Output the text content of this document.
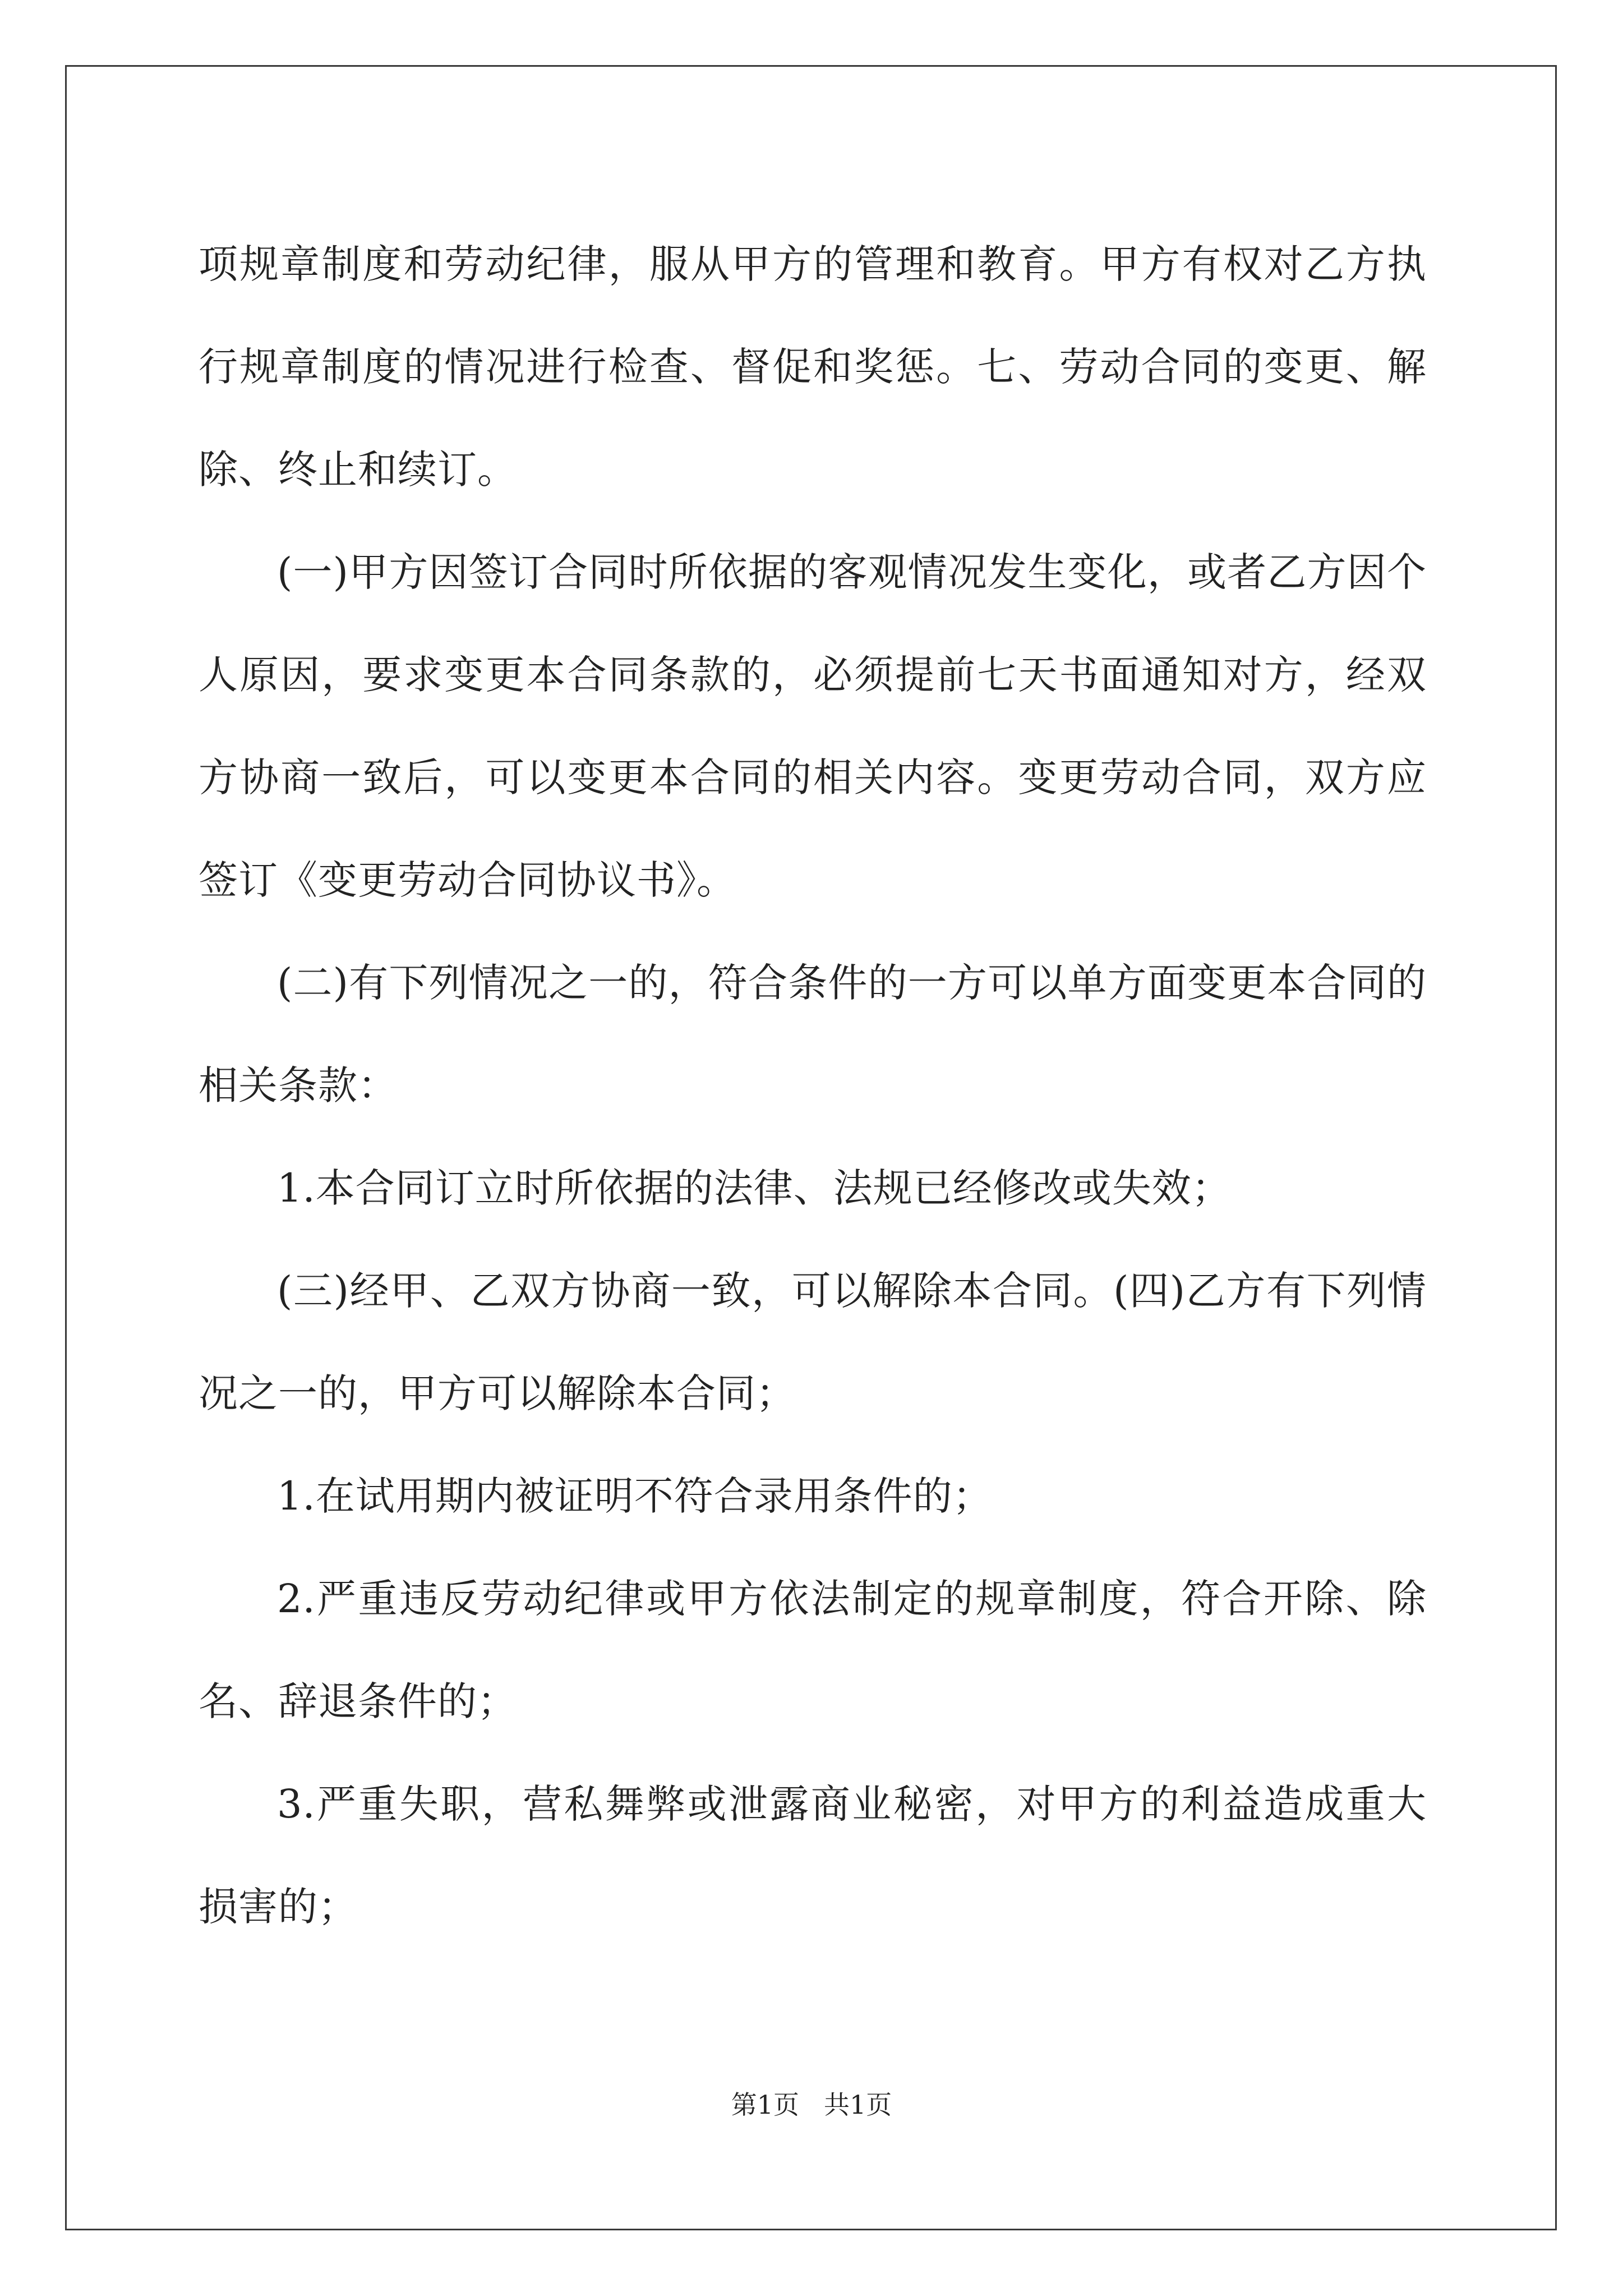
项规章制度和劳动纪律，服从甲方的管理和教育。甲方有权对乙方执行规章制度的情况进行检查、督促和奖惩。七、劳动合同的变更、解除、终止和续订。

(一)甲方因签订合同时所依据的客观情况发生变化，或者乙方因个人原因，要求变更本合同条款的，必须提前七天书面通知对方，经双方协商一致后，可以变更本合同的相关内容。变更劳动合同，双方应签订《变更劳动合同协议书》。

(二)有下列情况之一的，符合条件的一方可以单方面变更本合同的相关条款：

1.本合同订立时所依据的法律、法规已经修改或失效；

(三)经甲、乙双方协商一致，可以解除本合同。(四)乙方有下列情况之一的，甲方可以解除本合同；

1.在试用期内被证明不符合录用条件的；

2.严重违反劳动纪律或甲方依法制定的规章制度，符合开除、除名、辞退条件的；

3.严重失职，营私舞弊或泄露商业秘密，对甲方的利益造成重大损害的；

第1页 共1页
